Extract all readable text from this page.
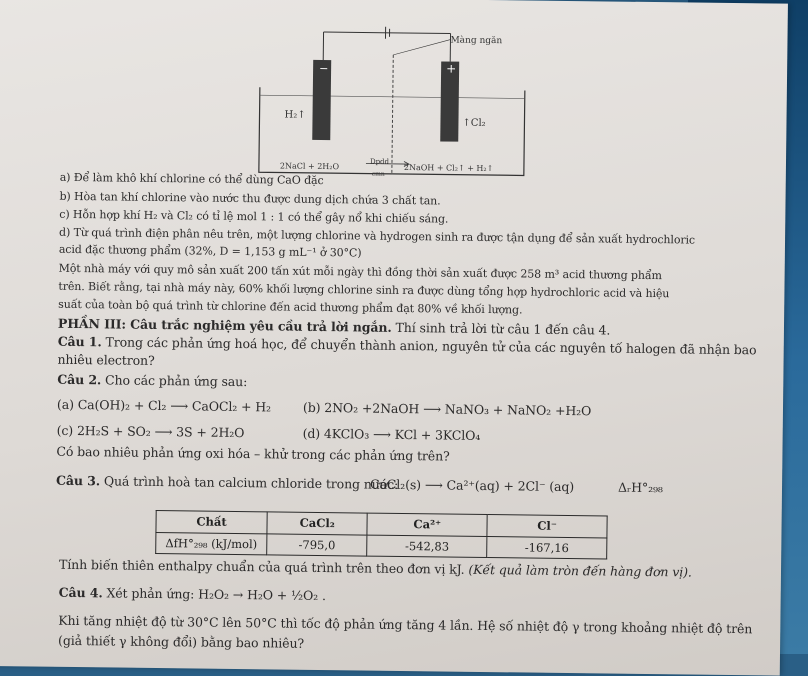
Màng ngăn
−	+
H₂↑
↑Cl₂
2NaCl + 2H₂O	Dpdd
cmn
2NaOH + Cl₂↑ + H₂↑
a) Để làm khô khí chlorine có thể dùng CaO đặc
b) Hòa tan khí chlorine vào nước thu được dung dịch chứa 3 chất tan.
c) Hỗn hợp khí H₂ và Cl₂ có tỉ lệ mol 1 : 1 có thể gây nổ khi chiếu sáng.
d) Từ quá trình điện phân nêu trên, một lượng chlorine và hydrogen sinh ra được tận dụng để sản xuất hydrochloric
acid đặc thương phẩm (32%, D = 1,153 g mL⁻¹ ở 30°C)
Một nhà máy với quy mô sản xuất 200 tấn xút mỗi ngày thì đồng thời sản xuất được 258 m³ acid thương phẩm
trên. Biết rằng, tại nhà máy này, 60% khối lượng chlorine sinh ra được dùng tổng hợp hydrochloric acid và hiệu
suất của toàn bộ quá trình từ chlorine đến acid thương phẩm đạt 80% về khối lượng.
PHẦN III: Câu trắc nghiệm yêu cầu trả lời ngắn. Thí sinh trả lời từ câu 1 đến câu 4.
Câu 1. Trong các phản ứng hoá học, để chuyển thành anion, nguyên tử của các nguyên tố halogen đã nhận bao
nhiêu electron?
Câu 2. Cho các phản ứng sau:
(a) Ca(OH)₂ + Cl₂ ⟶ CaOCl₂ + H₂	(b) 2NO₂ +2NaOH ⟶ NaNO₃ + NaNO₂ +H₂O
(c) 2H₂S + SO₂ ⟶ 3S + 2H₂O	(d) 4KClO₃ ⟶ KCl + 3KClO₄
Có bao nhiêu phản ứng oxi hóa – khử trong các phản ứng trên?
Câu 3. Quá trình hoà tan calcium chloride trong nước:
CaCl₂(s) ⟶ Ca²⁺(aq) + 2Cl⁻ (aq)	ΔᵣH°₂₉₈
Chất	CaCl₂	Ca²⁺	Cl⁻
ΔfH°₂₉₈ (kJ/mol)	-795,0	-542,83	-167,16
Tính biến thiên enthalpy chuẩn của quá trình trên theo đơn vị kJ. (Kết quả làm tròn đến hàng đơn vị).
Câu 4. Xét phản ứng: H₂O₂ → H₂O + ½O₂ .
Khi tăng nhiệt độ từ 30°C lên 50°C thì tốc độ phản ứng tăng 4 lần. Hệ số nhiệt độ γ trong khoảng nhiệt độ trên
(giả thiết γ không đổi) bằng bao nhiêu?
